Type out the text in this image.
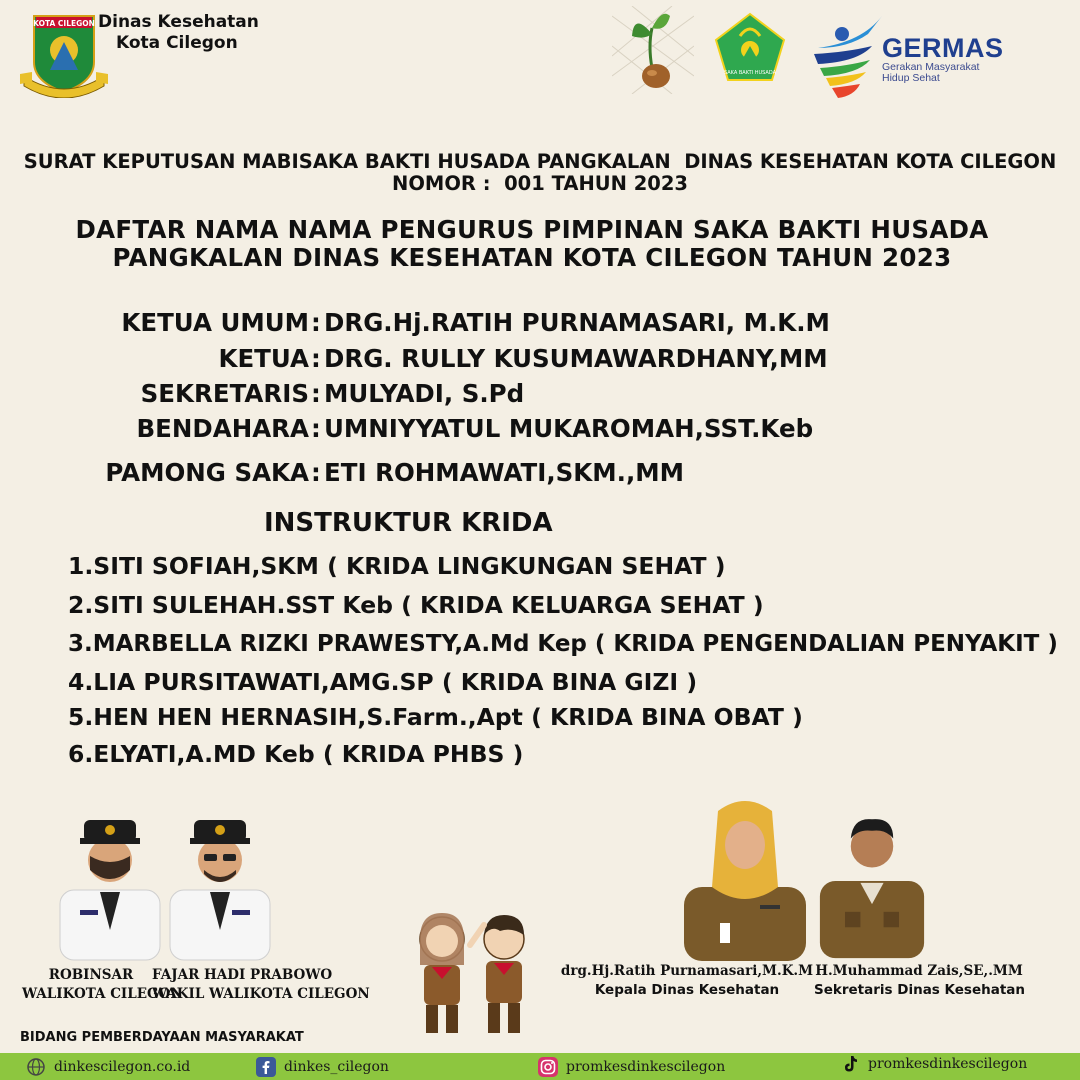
KOTA CILEGON Dinas Kesehatan
Kota Cilegon
SAKA BAKTI HUSADA
GERMAS
Gerakan Masyarakat
Hidup Sehat
SURAT KEPUTUSAN MABISAKA BAKTI HUSADA PANGKALAN  DINAS KESEHATAN KOTA CILEGON
NOMOR :  001 TAHUN 2023
DAFTAR NAMA NAMA PENGURUS PIMPINAN SAKA BAKTI HUSADA
PANGKALAN DINAS KESEHATAN KOTA CILEGON TAHUN 2023
KETUA UMUM : DRG.Hj.RATIH PURNAMASARI, M.K.M
KETUA : DRG. RULLY KUSUMAWARDHANY,MM
SEKRETARIS : MULYADI, S.Pd
BENDAHARA : UMNIYYATUL MUKAROMAH,SST.Keb
PAMONG SAKA : ETI ROHMAWATI,SKM.,MM
INSTRUKTUR KRIDA
1.SITI SOFIAH,SKM ( KRIDA LINGKUNGAN SEHAT )
2.SITI SULEHAH.SST Keb ( KRIDA KELUARGA SEHAT )
3.MARBELLA RIZKI PRAWESTY,A.Md Kep ( KRIDA PENGENDALIAN PENYAKIT )
4.LIA PURSITAWATI,AMG.SP ( KRIDA BINA GIZI )
5.HEN HEN HERNASIH,S.Farm.,Apt ( KRIDA BINA OBAT )
6.ELYATI,A.MD Keb ( KRIDA PHBS )
ROBINSAR
WALIKOTA CILEGON
FAJAR HADI PRABOWO
WAKIL WALIKOTA CILEGON
drg.Hj.Ratih Purnamasari,M.K.M
Kepala Dinas Kesehatan
H.Muhammad Zais,SE,.MM
Sekretaris Dinas Kesehatan
BIDANG PEMBERDAYAAN MASYARAKAT
dinkescilegon.co.id	dinkes_cilegon	promkesdinkescilegon	promkesdinkescilegon
